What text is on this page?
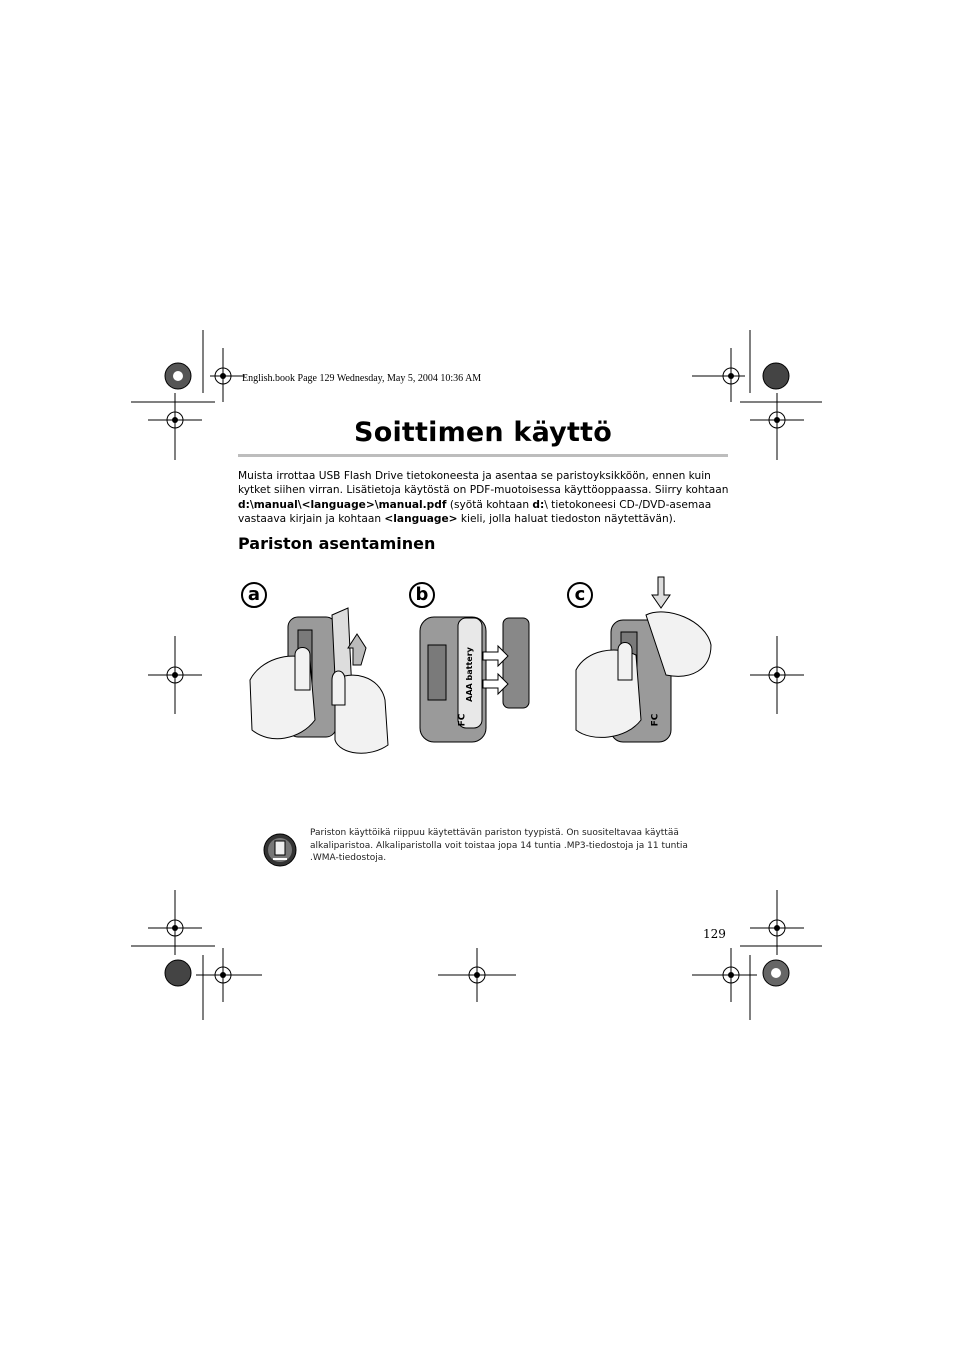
English.book Page 129 Wednesday, May 5, 2004 10:36 AM
Soittimen käyttö
Muista irrottaa USB Flash Drive tietokoneesta ja asentaa se paristoyksikköön, ennen kuin kytket siihen virran. Lisätietoja käytöstä on PDF-muotoisessa käyttöoppaassa. Siirry kohtaan d:\manual\<language>\manual.pdf (syötä kohtaan d:\ tietokoneesi CD-/DVD-asemaa vastaava kirjain ja kohtaan <language> kieli, jolla haluat tiedoston näytettävän).
Pariston asentaminen
a	b
AAA battery
FC
c
FC
Pariston käyttöikä riippuu käytettävän pariston tyypistä. On suositeltavaa käyttää alkaliparistoa. Alkaliparistolla voit toistaa jopa 14 tuntia .MP3-tiedostoja ja 11 tuntia .WMA-tiedostoja.
129
